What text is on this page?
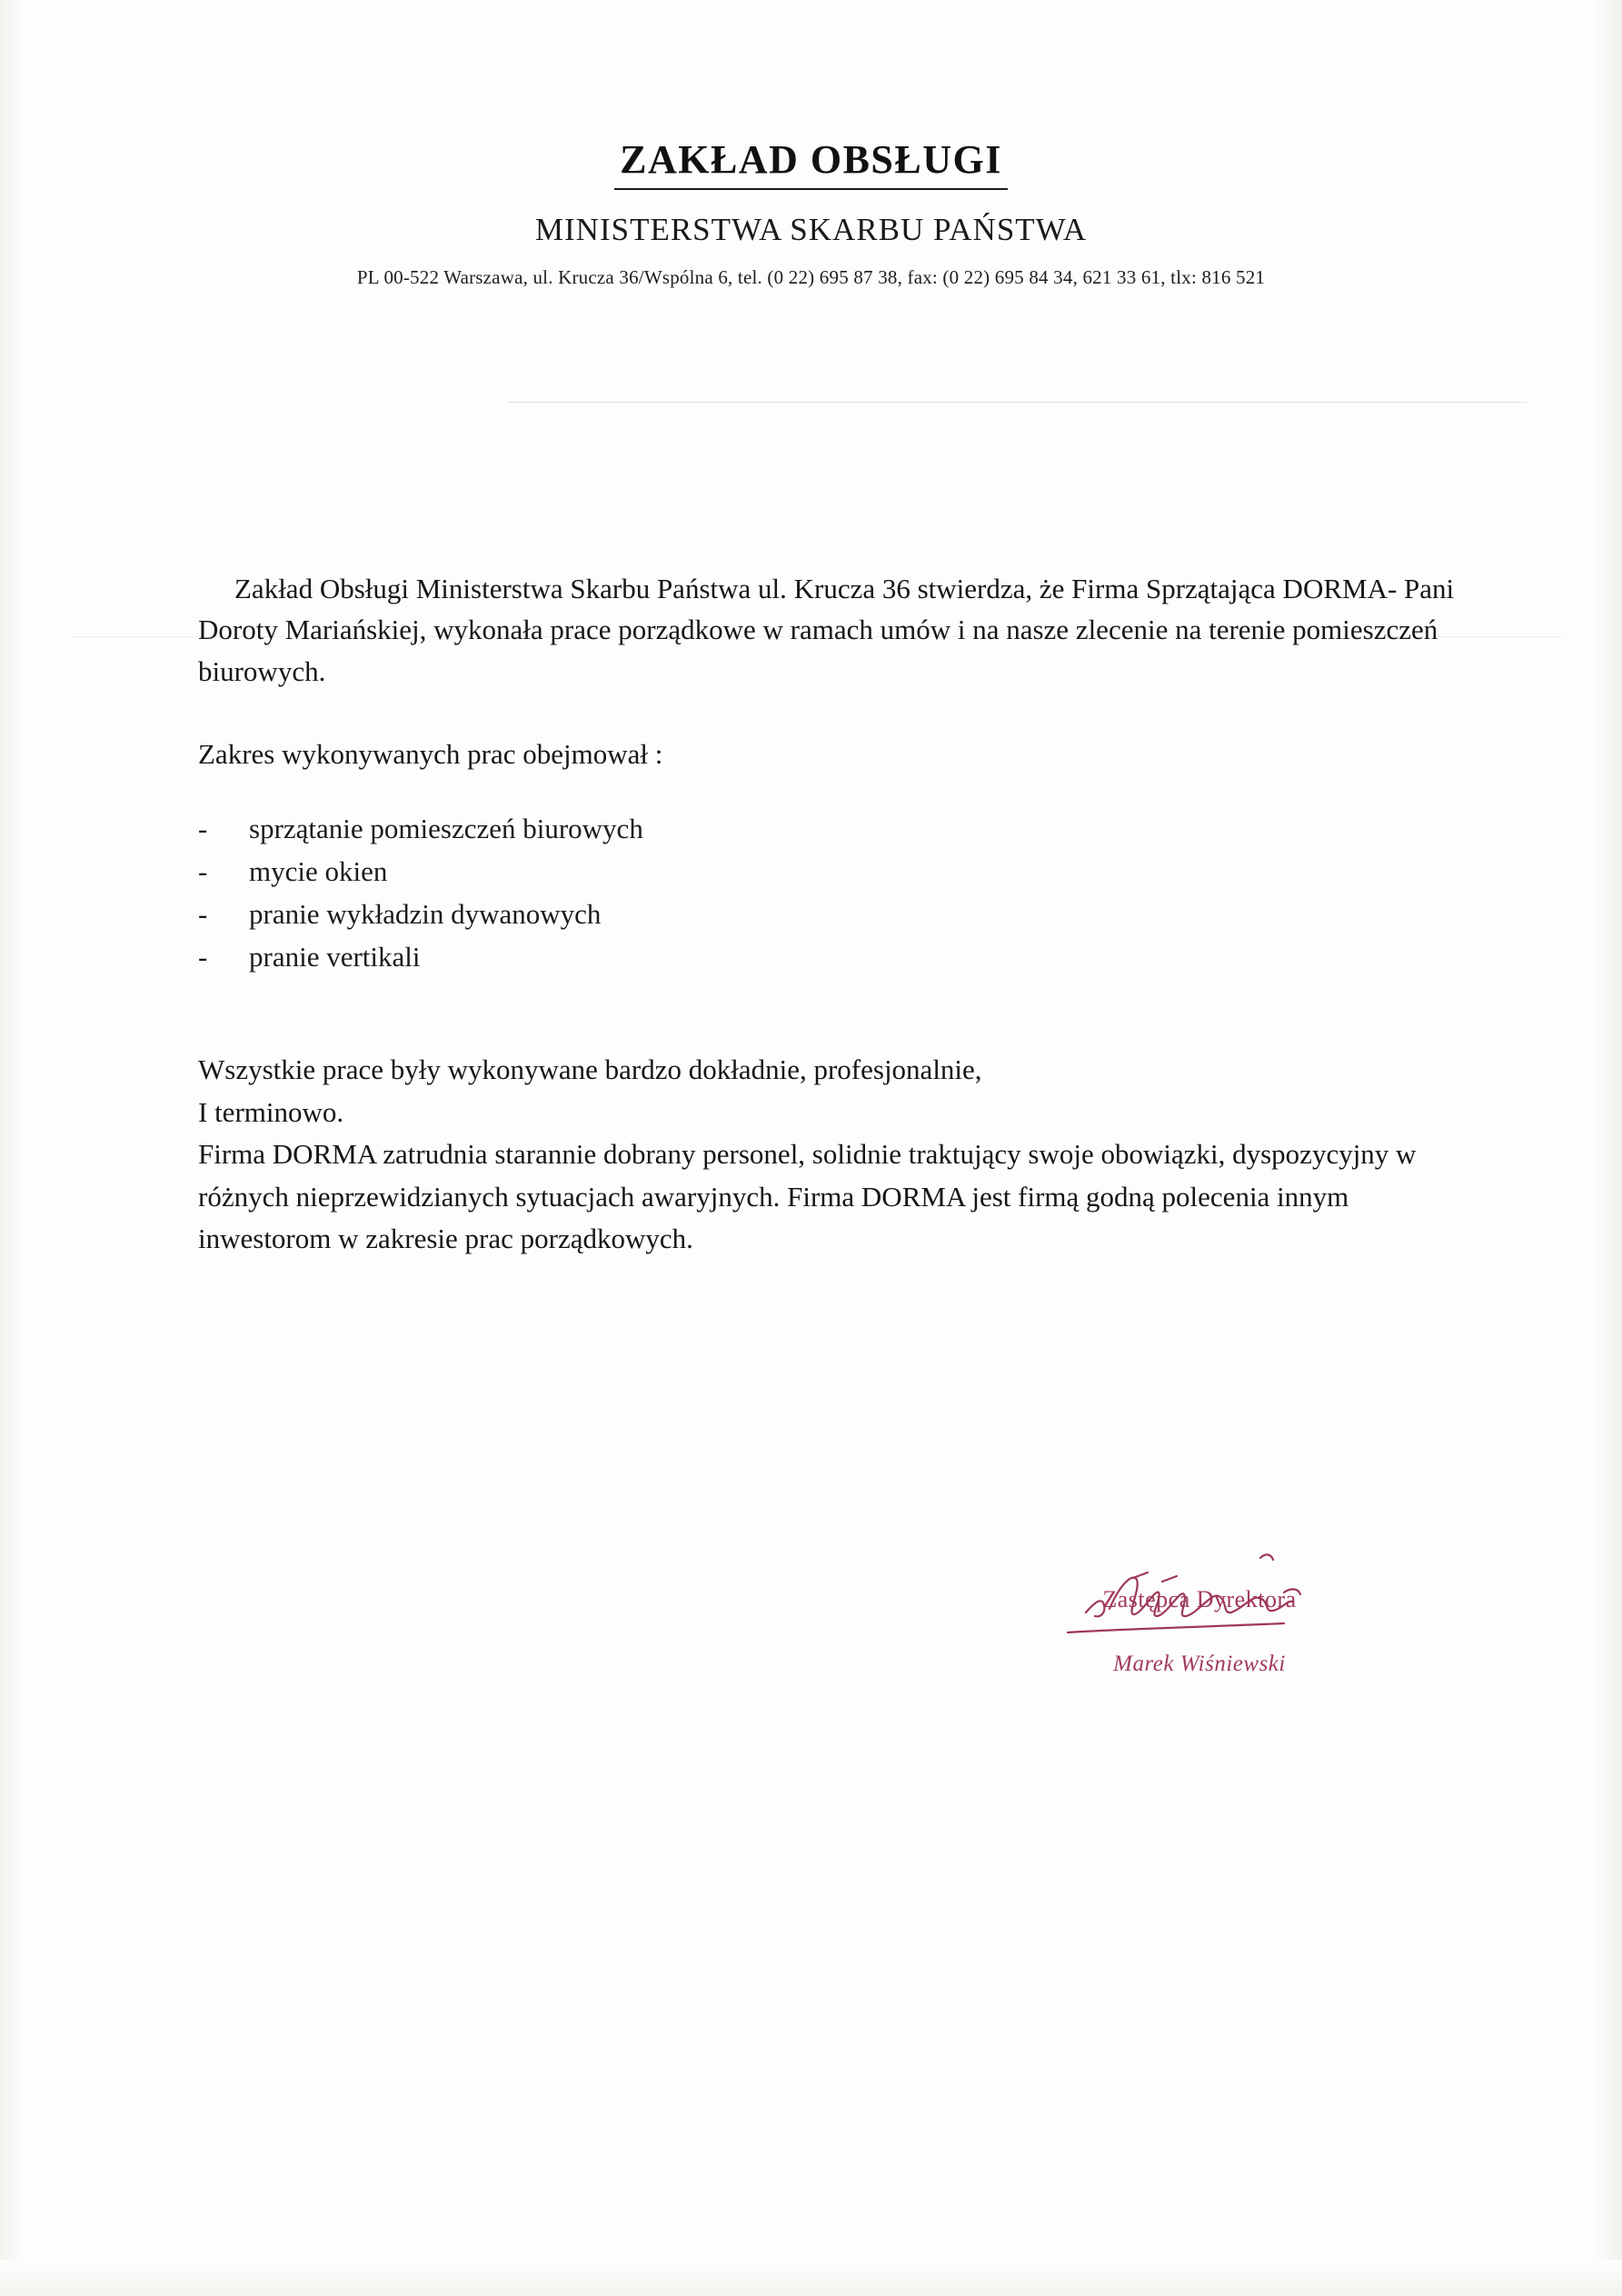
ZAKŁAD OBSŁUGI
MINISTERSTWA SKARBU PAŃSTWA
PL 00-522 Warszawa, ul. Krucza 36/Wspólna 6, tel. (0 22) 695 87 38, fax: (0 22) 695 84 34, 621 33 61, tlx: 816 521

Zakład Obsługi Ministerstwa Skarbu Państwa ul. Krucza 36 stwierdza, że Firma Sprzątająca DORMA- Pani Doroty Mariańskiej, wykonała prace porządkowe w ramach umów i na nasze zlecenie na terenie pomieszczeń biurowych.

Zakres wykonywanych prac obejmował :

-	sprzątanie pomieszczeń biurowych
-	mycie okien
-	pranie wykładzin dywanowych
-	pranie vertikali

Wszystkie prace były wykonywane bardzo dokładnie, profesjonalnie,

I terminowo.

Firma DORMA zatrudnia starannie dobrany personel, solidnie traktujący swoje obowiązki, dyspozycyjny w różnych nieprzewidzianych sytuacjach awaryjnych. Firma DORMA jest firmą godną polecenia innym inwestorom w zakresie prac porządkowych.

Zastępca Dyrektora
Marek Wiśniewski
